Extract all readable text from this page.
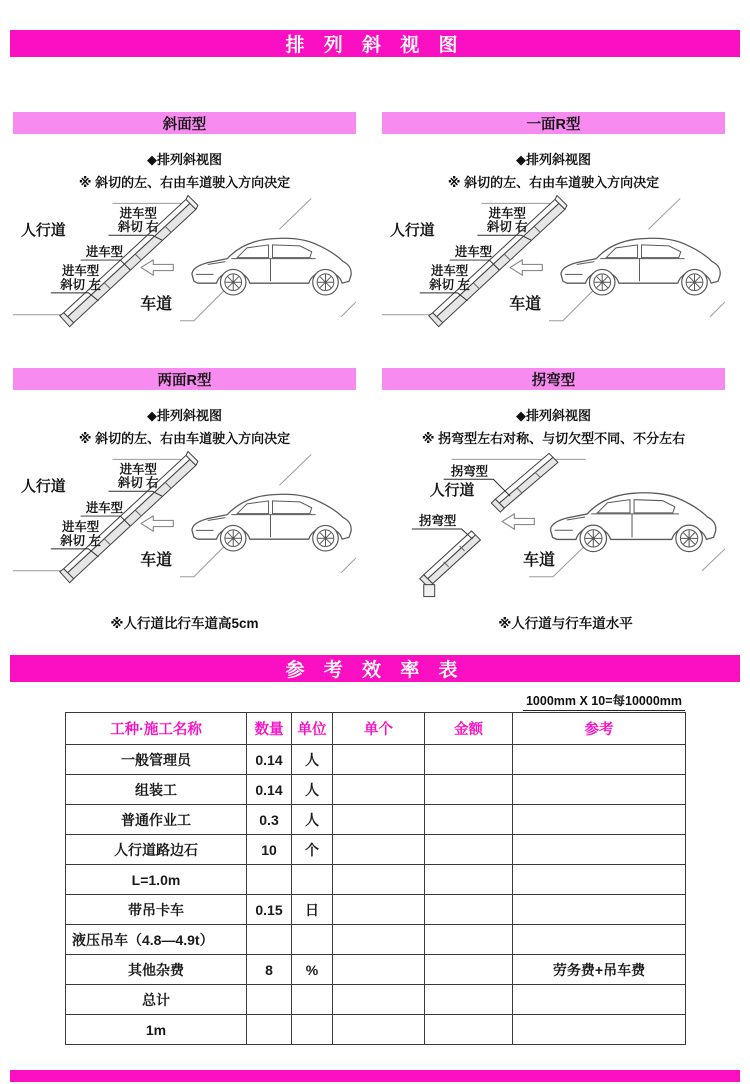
排 列 斜 视 图
斜面型
◆排列斜视图
※ 斜切的左、右由车道驶入方向决定
人行道
进车型
斜切 右
进车型
进车型
斜切 左
车道
一面R型
◆排列斜视图
※ 斜切的左、右由车道驶入方向决定
人行道
进车型
斜切 右
进车型
进车型
斜切 左
车道
两面R型
◆排列斜视图
※ 斜切的左、右由车道驶入方向决定
人行道
进车型
斜切 右
进车型
进车型
斜切 左
车道
拐弯型
◆排列斜视图
※ 拐弯型左右对称、与切欠型不同、不分左右
人行道
拐弯型
拐弯型
车道
※人行道比行车道高5cm	※人行道与行车道水平
参 考 效 率 表
1000mm X 10=每10000mm
工种·施工名称	数量	单位	单个	金额	参考
一般管理员	0.14	人			
组装工	0.14	人			
普通作业工	0.3	人			
人行道路边石	10	个			
L=1.0m					
带吊卡车	0.15	日			
液压吊车（4.8—4.9t）					
其他杂费	8	%			劳务费+吊车费
总计					
1m					
